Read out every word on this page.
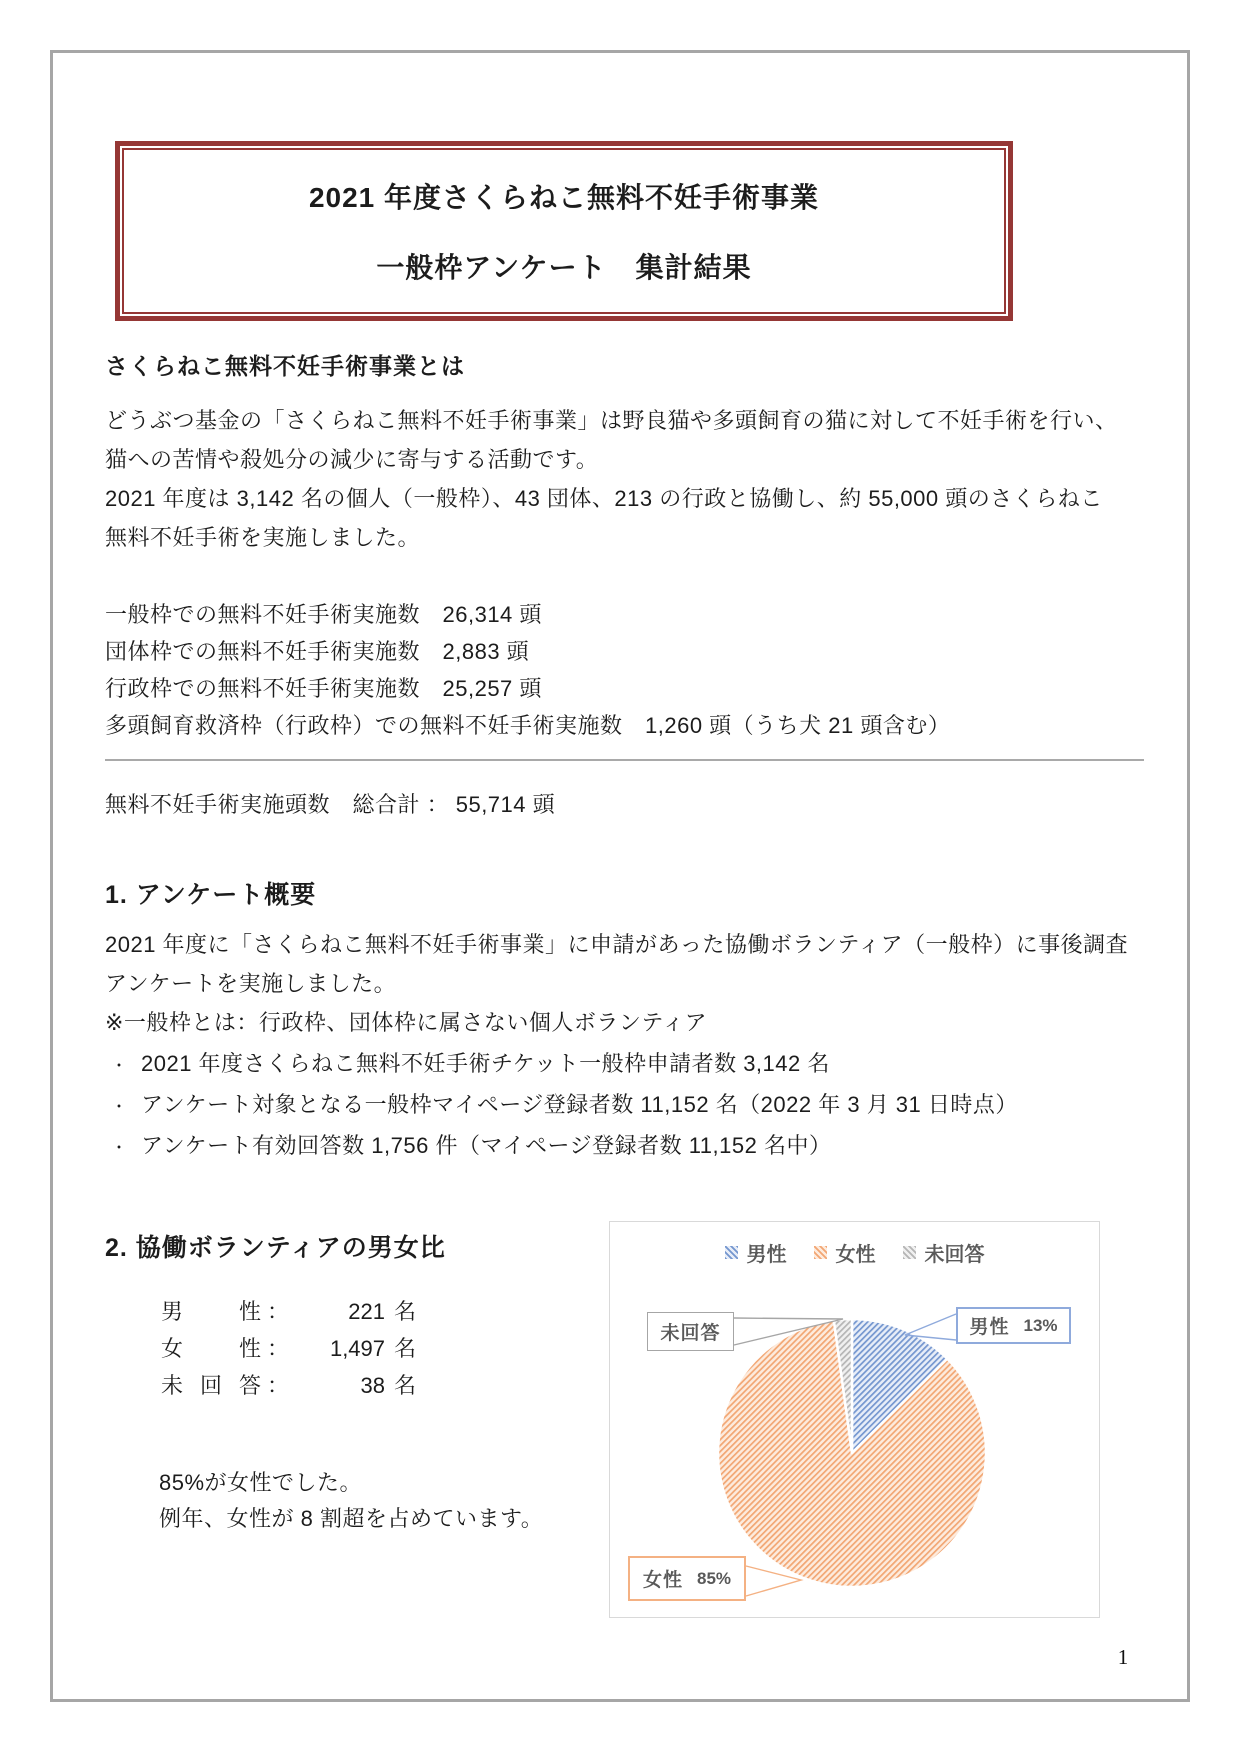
2021 年度さくらねこ無料不妊手術事業
一般枠アンケート　集計結果
さくらねこ無料不妊手術事業とは
どうぶつ基金の「さくらねこ無料不妊手術事業」は野良猫や多頭飼育の猫に対して不妊手術を行い、
猫への苦情や殺処分の減少に寄与する活動です。
2021 年度は 3,142 名の個人（一般枠）、43 団体、213 の行政と協働し、約 55,000 頭のさくらねこ
無料不妊手術を実施しました。
一般枠での無料不妊手術実施数　26,314 頭
団体枠での無料不妊手術実施数　2,883 頭
行政枠での無料不妊手術実施数　25,257 頭
多頭飼育救済枠（行政枠）での無料不妊手術実施数　1,260 頭（うち犬 21 頭含む）
無料不妊手術実施頭数　総合計 ： 55,714 頭
1. アンケート概要
2021 年度に「さくらねこ無料不妊手術事業」に申請があった協働ボランティア（一般枠）に事後調査
アンケートを実施しました。
※一般枠とは：行政枠、団体枠に属さない個人ボランティア
・ 2021 年度さくらねこ無料不妊手術チケット一般枠申請者数 3,142 名
・ アンケート対象となる一般枠マイページ登録者数 11,152 名（2022 年 3 月 31 日時点）
・ アンケート有効回答数 1,756 件（マイページ登録者数 11,152 名中）
2. 協働ボランティアの男女比
男　性 ：	221 名
女　性 ：	1,497 名
未回答 ：	38 名
85%が女性でした。
例年、女性が 8 割超を占めています。
男性 女性 未回答
未回答	男性 13%
女性 85%
1
